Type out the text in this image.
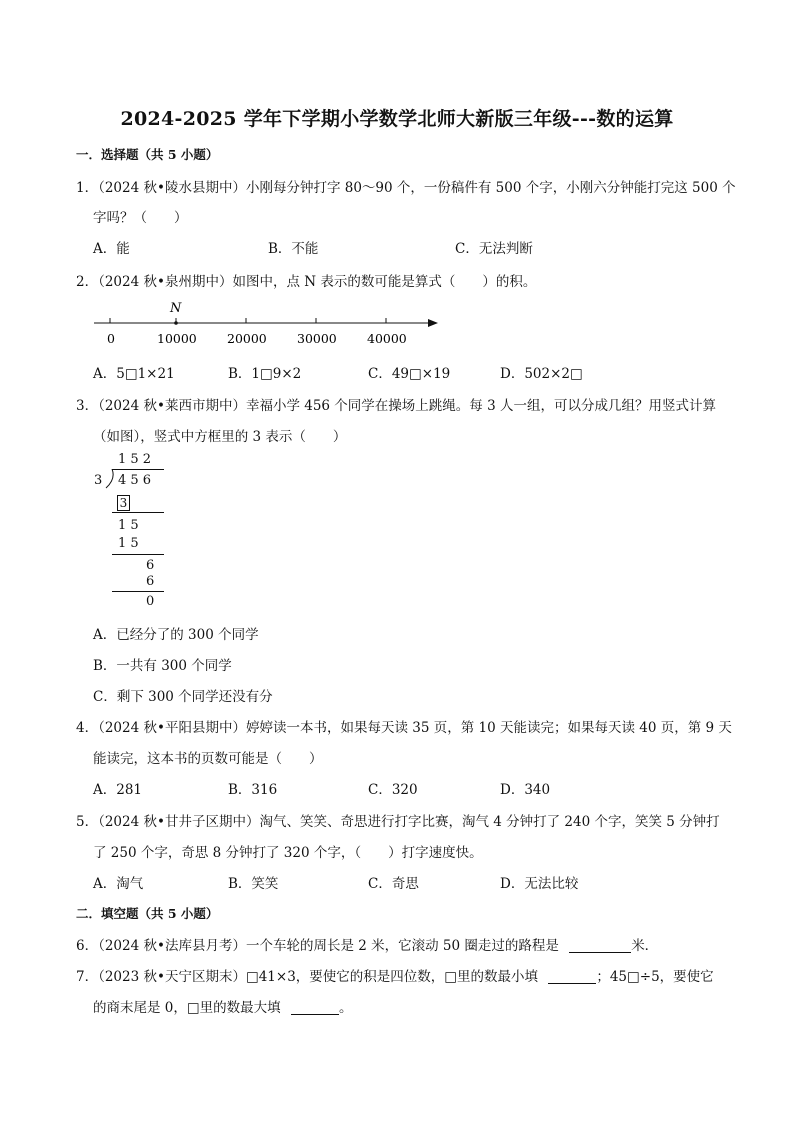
2024-2025 学年下学期小学数学北师大新版三年级---数的运算
一．选择题（共 5 小题）
1．（2024 秋•陵水县期中）小刚每分钟打字 80～90 个，一份稿件有 500 个字，小刚六分钟能打完这 500 个
字吗？（　　）
A．能	B．不能	C．无法判断
2．（2024 秋•泉州期中）如图中，点 N 表示的数可能是算式（　　）的积。
N
0	10000 20000 30000 40000
A．5□1×21	B．1□9×2	C．49□×19	D．502×2□
3．（2024 秋•莱西市期中）幸福小学 456 个同学在操场上跳绳。每 3 人一组，可以分成几组？用竖式计算
（如图），竖式中方框里的 3 表示（　　）
1 5 2
3 4 5 6
3
1 5
1 5
6
6
0
A．已经分了的 300 个同学
B．一共有 300 个同学
C．剩下 300 个同学还没有分
4．（2024 秋•平阳县期中）婷婷读一本书，如果每天读 35 页，第 10 天能读完；如果每天读 40 页，第 9 天
能读完，这本书的页数可能是（　　）
A．281	B．316	C．320	D．340
5．（2024 秋•甘井子区期中）淘气、笑笑、奇思进行打字比赛，淘气 4 分钟打了 240 个字，笑笑 5 分钟打
了 250 个字，奇思 8 分钟打了 320 个字，（　　）打字速度快。
A．淘气	B．笑笑	C．奇思	D．无法比较
二．填空题（共 5 小题）
6．（2024 秋•法库县月考）一个车轮的周长是 2 米，它滚动 50 圈走过的路程是	米．
7．（2023 秋•天宁区期末）□41×3，要使它的积是四位数，□里的数最小填	；45□÷5，要使它
的商末尾是 0，□里的数最大填	。
